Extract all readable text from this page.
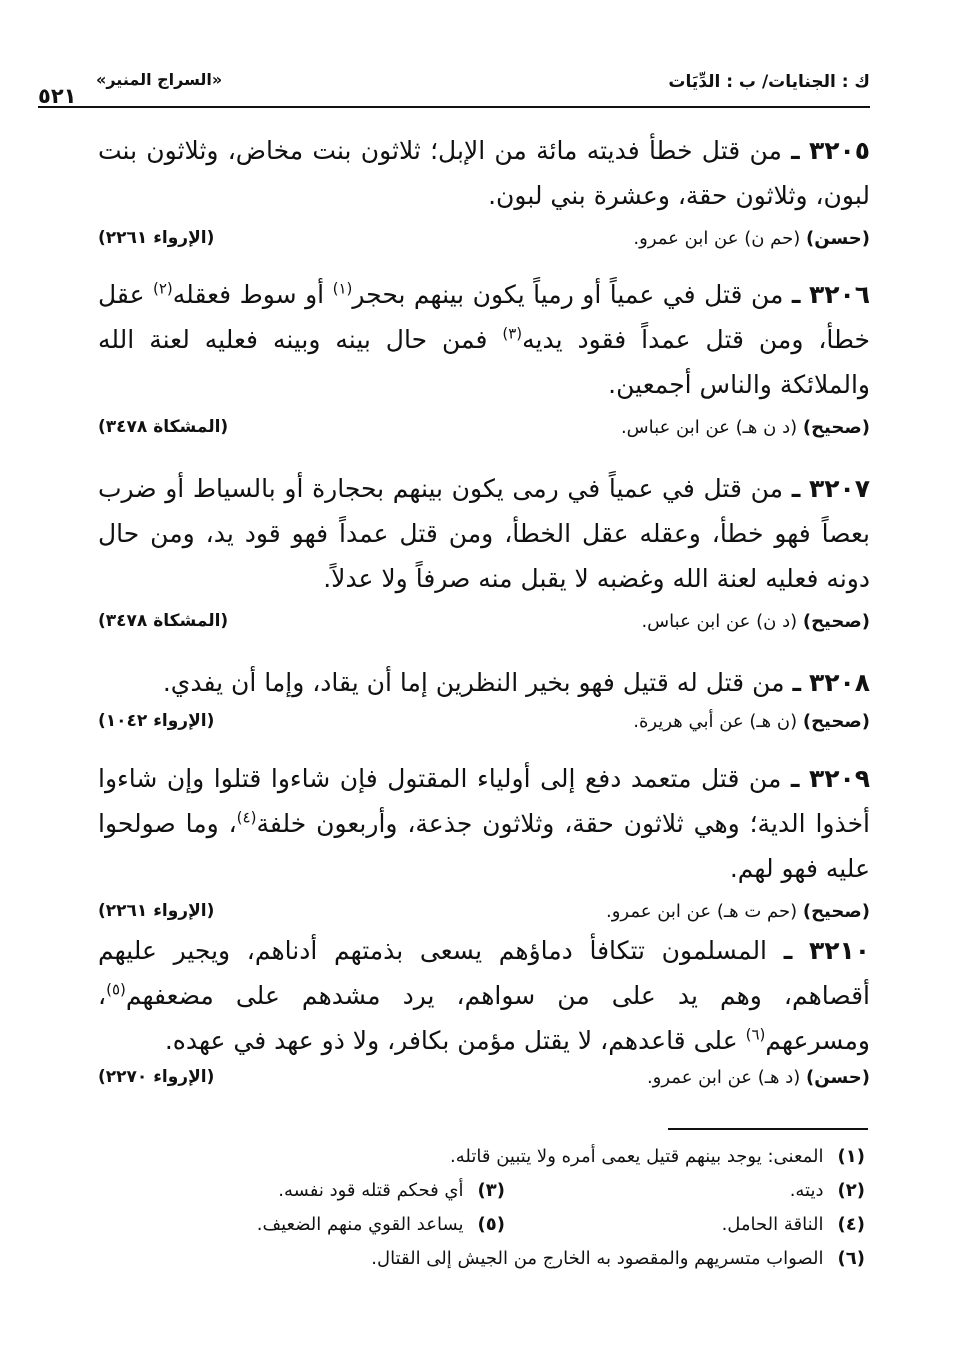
ك : الجنايات/ ب : الدِّيَات
«السراج المنير»
٥٢١

٣٢٠٥ ـ من قتل خطأ فديته مائة من الإبل؛ ثلاثون بنت مخاض، وثلاثون بنت لبون، وثلاثون حقة، وعشرة بني لبون.

(حسن) (حم ن) عن ابن عمرو.
(الإرواء ٢٢٦١)

٣٢٠٦ ـ من قتل في عمياً أو رمياً يكون بينهم بحجر$^{(١)}$ أو سوط فعقله$^{(٢)}$ عقل خطأ، ومن قتل عمداً فقود يديه$^{(٣)}$ فمن حال بينه وبينه فعليه لعنة الله والملائكة والناس أجمعين.

(صحيح) (د ن هـ) عن ابن عباس.
(المشكاة ٣٤٧٨)

٣٢٠٧ ـ من قتل في عمياً في رمى يكون بينهم بحجارة أو بالسياط أو ضرب بعصاً فهو خطأ، وعقله عقل الخطأ، ومن قتل عمداً فهو قود يد، ومن حال دونه فعليه لعنة الله وغضبه لا يقبل منه صرفاً ولا عدلاً.

(صحيح) (د ن) عن ابن عباس.
(المشكاة ٣٤٧٨)

٣٢٠٨ ـ من قتل له قتيل فهو بخير النظرين إما أن يقاد، وإما أن يفدي.

(صحيح) (ن هـ) عن أبي هريرة.
(الإرواء ١٠٤٢)

٣٢٠٩ ـ من قتل متعمد دفع إلى أولياء المقتول فإن شاءوا قتلوا وإن شاءوا أخذوا الدية؛ وهي ثلاثون حقة، وثلاثون جذعة، وأربعون خلفة$^{(٤)}$، وما صولحوا عليه فهو لهم.

(صحيح) (حم ت هـ) عن ابن عمرو.
(الإرواء ٢٢٦١)

٣٢١٠ ـ المسلمون تتكافأ دماؤهم يسعى بذمتهم أدناهم، ويجير عليهم أقصاهم، وهم يد على من سواهم، يرد مشدهم على مضعفهم$^{(٥)}$، ومسرعهم$^{(٦)}$ على قاعدهم، لا يقتل مؤمن بكافر، ولا ذو عهد في عهده.

(حسن) (د هـ) عن ابن عمرو.
(الإرواء ٢٢٧٠)
(١)المعنى: يوجد بينهم قتيل يعمى أمره ولا يتبين قاتله.
(٢)ديته.
(٣)أي فحكم قتله قود نفسه.
(٤)الناقة الحامل.
(٥)يساعد القوي منهم الضعيف.
(٦)الصواب متسريهم والمقصود به الخارج من الجيش إلى القتال.
